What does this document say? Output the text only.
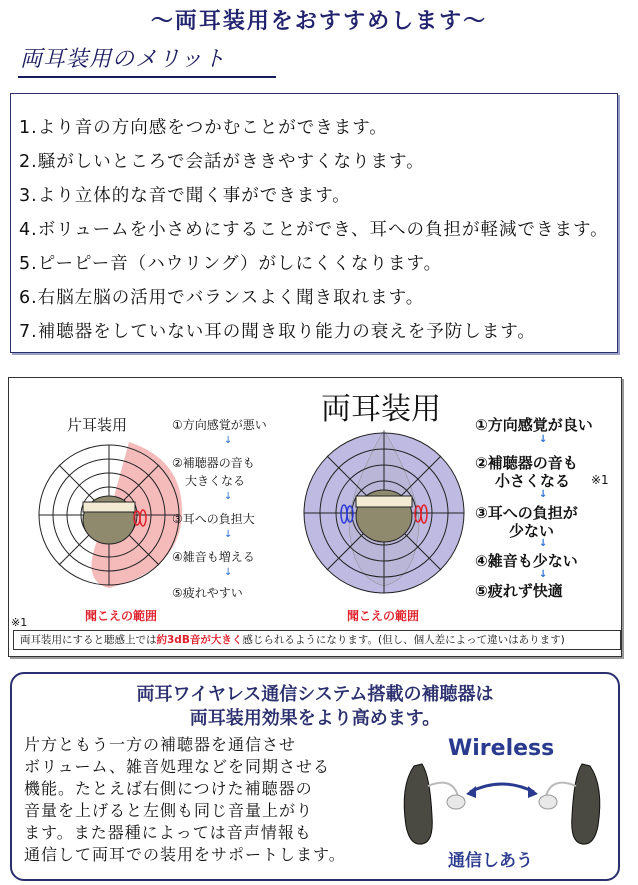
～両耳装用をおすすめします～
両耳装用のメリット
1.より音の方向感をつかむことができます。
2.騒がしいところで会話がききやすくなります。
3.より立体的な音で聞く事ができます。
4.ボリュームを小さめにすることができ、耳への負担が軽減できます。
5.ピーピー音（ハウリング）がしにくくなります。
6.右脳左脳の活用でバランスよく聞き取れます。
7.補聴器をしていない耳の聞き取り能力の衰えを予防します。
片耳装用	①方向感覚が悪い
↓
②補聴器の音も
大きくなる
↓
③耳への負担大
↓
④雑音も増える
↓
⑤疲れやすい
聞こえの範囲
両耳装用 ①方向感覚が良い
↓
②補聴器の音も
小さくなる ※1
↓
③耳への負担が
少ない
↓
④雑音も少ない
↓
⑤疲れず快適
聞こえの範囲
※1
両耳装用にすると聴感上では約3dB音が大きく感じられるようになります。(但し、個人差によって違いはあります)
両耳ワイヤレス通信システム搭載の補聴器は
両耳装用効果をより高めます。
片方ともう一方の補聴器を通信させ
ボリューム、雑音処理などを同期させる
機能。たとえば右側につけた補聴器の
音量を上げると左側も同じ音量上がり
ます。また器種によっては音声情報も
通信して両耳での装用をサポートします。
Wireless
通信しあう
